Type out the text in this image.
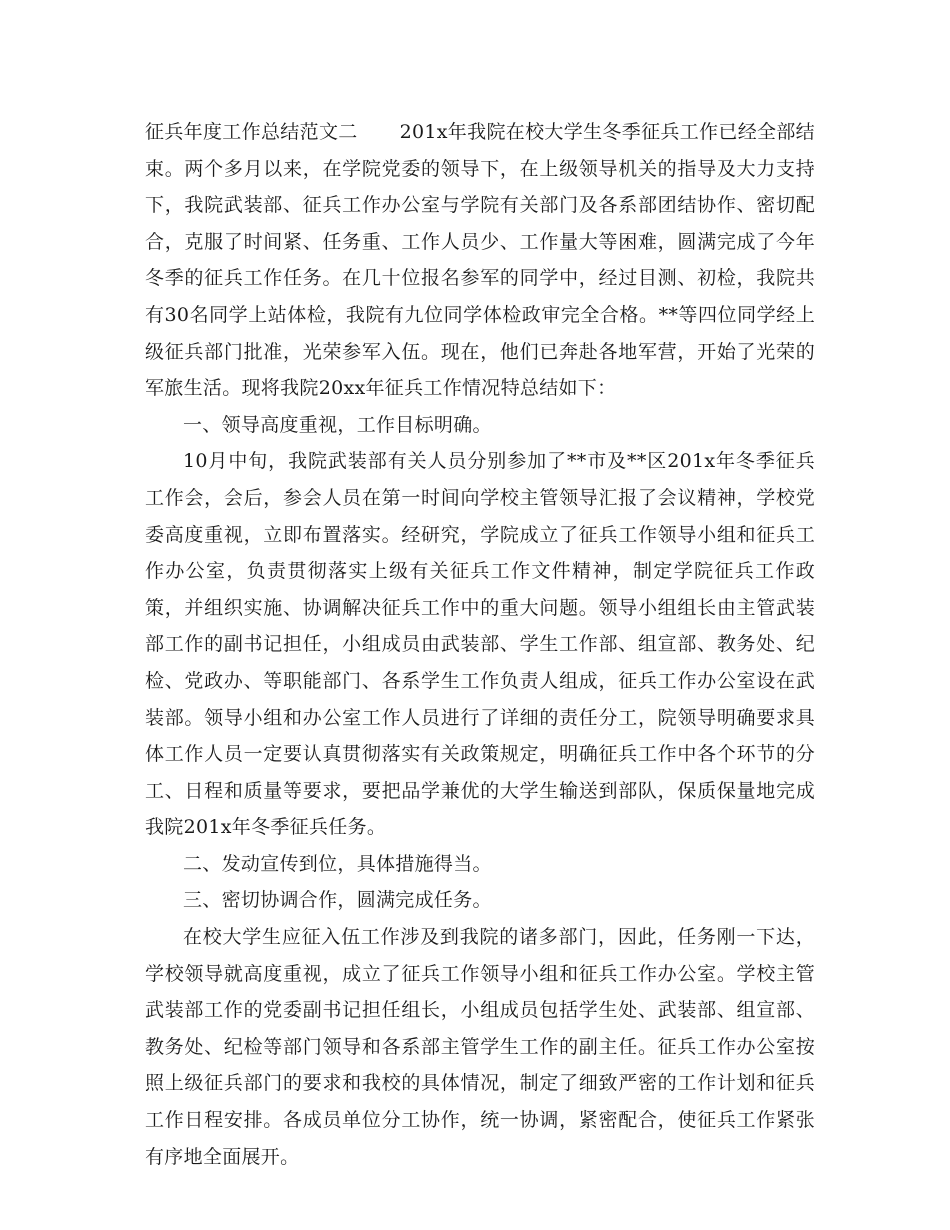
征兵年度工作总结范文二 201x年我院在校大学生冬季征兵工作已经全部结束。两个多月以来，在学院党委的领导下，在上级领导机关的指导及大力支持下，我院武装部、征兵工作办公室与学院有关部门及各系部团结协作、密切配合，克服了时间紧、任务重、工作人员少、工作量大等困难，圆满完成了今年冬季的征兵工作任务。在几十位报名参军的同学中，经过目测、初检，我院共有30名同学上站体检，我院有九位同学体检政审完全合格。**等四位同学经上级征兵部门批准，光荣参军入伍。现在，他们已奔赴各地军营，开始了光荣的军旅生活。现将我院20xx年征兵工作情况特总结如下：

一、领导高度重视，工作目标明确。

10月中旬，我院武装部有关人员分别参加了**市及**区201x年冬季征兵工作会，会后，参会人员在第一时间向学校主管领导汇报了会议精神，学校党委高度重视，立即布置落实。经研究，学院成立了征兵工作领导小组和征兵工作办公室，负责贯彻落实上级有关征兵工作文件精神，制定学院征兵工作政策，并组织实施、协调解决征兵工作中的重大问题。领导小组组长由主管武装部工作的副书记担任，小组成员由武装部、学生工作部、组宣部、教务处、纪检、党政办、等职能部门、各系学生工作负责人组成，征兵工作办公室设在武装部。领导小组和办公室工作人员进行了详细的责任分工，院领导明确要求具体工作人员一定要认真贯彻落实有关政策规定，明确征兵工作中各个环节的分工、日程和质量等要求，要把品学兼优的大学生输送到部队，保质保量地完成我院201x年冬季征兵任务。

二、发动宣传到位，具体措施得当。

三、密切协调合作，圆满完成任务。

在校大学生应征入伍工作涉及到我院的诸多部门，因此，任务刚一下达，学校领导就高度重视，成立了征兵工作领导小组和征兵工作办公室。学校主管武装部工作的党委副书记担任组长，小组成员包括学生处、武装部、组宣部、教务处、纪检等部门领导和各系部主管学生工作的副主任。征兵工作办公室按照上级征兵部门的要求和我校的具体情况，制定了细致严密的工作计划和征兵工作日程安排。各成员单位分工协作，统一协调，紧密配合，使征兵工作紧张有序地全面展开。
